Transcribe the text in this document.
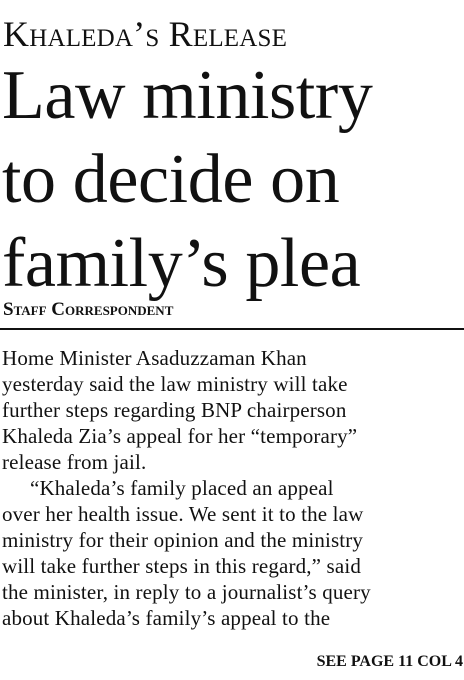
Khaleda’s Release
Law ministry
to decide on
family’s plea

Staff Correspondent

Home Minister Asaduzzaman Khan
yesterday said the law ministry will take
further steps regarding BNP chairperson
Khaleda Zia’s appeal for her “temporary”
release from jail.
“Khaleda’s family placed an appeal
over her health issue. We sent it to the law
ministry for their opinion and the ministry
will take further steps in this regard,” said
the minister, in reply to a journalist’s query
about Khaleda’s family’s appeal to the

SEE PAGE 11 COL 4
